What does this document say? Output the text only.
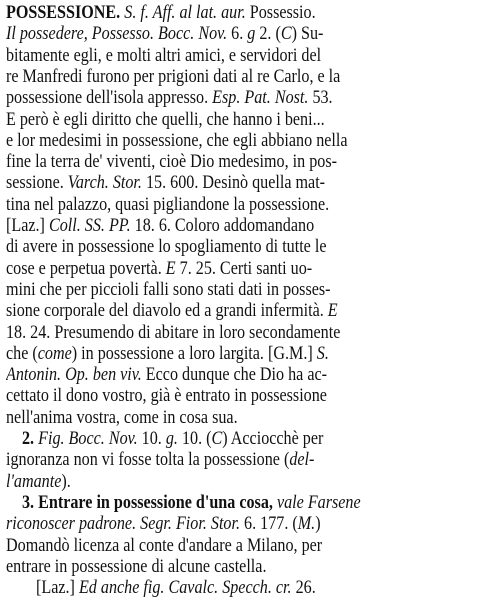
POSSESSIONE. S. f. Aff. al lat. aur. Possessio.
Il possedere, Possesso. Bocc. Nov. 6. g 2. (C) Su-
bitamente egli, e molti altri amici, e servidori del
re Manfredi furono per prigioni dati al re Carlo, e la
possessione dell'isola appresso. Esp. Pat. Nost. 53.
E però è egli diritto che quelli, che hanno i beni...
e lor medesimi in possessione, che egli abbiano nella
fine la terra de' viventi, cioè Dio medesimo, in pos-
sessione. Varch. Stor. 15. 600. Desinò quella mat-
tina nel palazzo, quasi pigliandone la possessione.
[Laz.] Coll. SS. PP. 18. 6. Coloro addomandano
di avere in possessione lo spogliamento di tutte le
cose e perpetua povertà. E 7. 25. Certi santi uo-
mini che per piccioli falli sono stati dati in posses-
sione corporale del diavolo ed a grandi infermità. E
18. 24. Presumendo di abitare in loro secondamente
che (come) in possessione a loro largita. [G.M.] S.
Antonin. Op. ben viv. Ecco dunque che Dio ha ac-
cettato il dono vostro, già è entrato in possessione
nell'anima vostra, come in cosa sua.
2. Fig. Bocc. Nov. 10. g. 10. (C) Acciocchè per
ignoranza non vi fosse tolta la possessione (del-
l'amante).
3. Entrare in possessione d'una cosa, vale Farsene
riconoscer padrone. Segr. Fior. Stor. 6. 177. (M.)
Domandò licenza al conte d'andare a Milano, per
entrare in possessione di alcune castella.
[Laz.] Ed anche fig. Cavalc. Specch. cr. 26.
